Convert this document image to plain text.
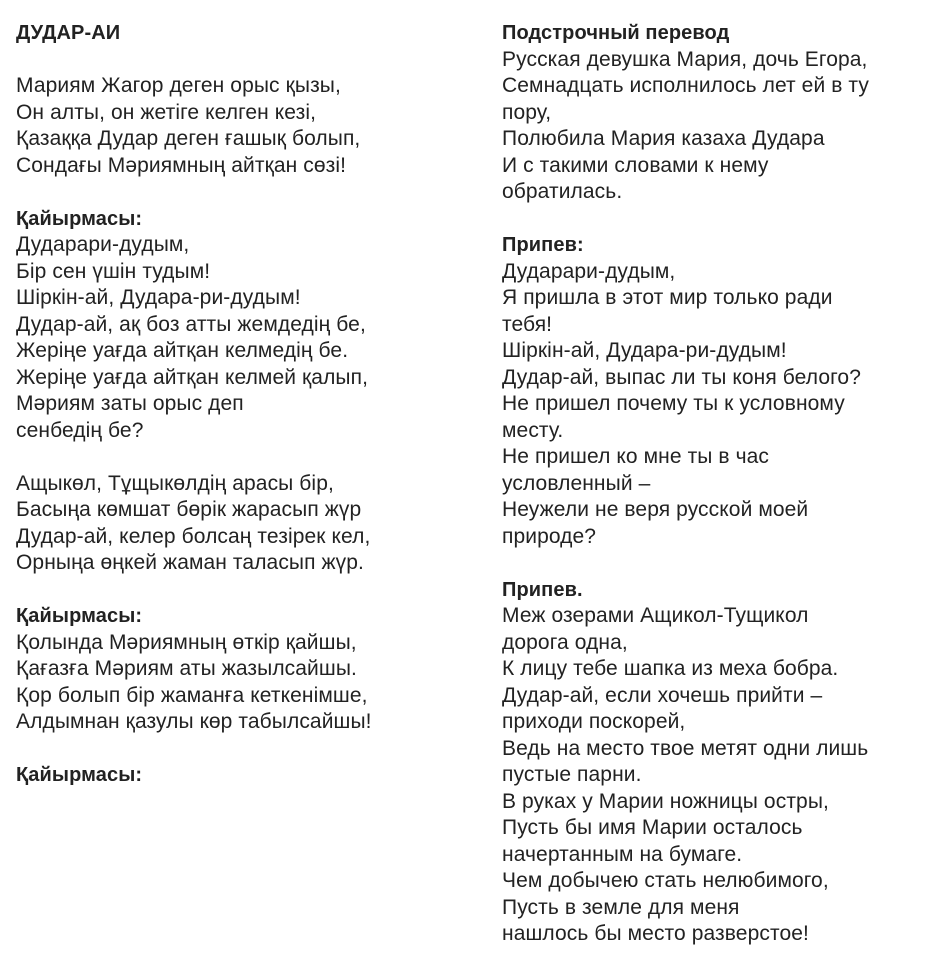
ДУДАР-АИ
Мариям Жагор деген орыс қызы,
Он алты, он жетіге келген кезі,
Қазаққа Дудар деген ғашық болып,
Сондағы Мәриямның айтқан сөзі!
Қайырмасы:
Дударари-дудым,
Бір сен үшін тудым!
Шіркін-ай, Дудара-ри-дудым!
Дудар-ай, ақ боз атты жемдедің бе,
Жеріңе уағда айтқан келмедің бе.
Жеріңе уағда айтқан келмей қалып,
Мәриям заты орыс деп
сенбедің бе?
Ащыкөл, Тұщыкөлдің арасы бір,
Басыңа көмшат бөрік жарасып жүр
Дудар-ай, келер болсаң тезірек кел,
Орныңа өңкей жаман таласып жүр.
Қайырмасы:
Қолында Мәриямның өткір қайшы,
Қағазға Мәриям аты жазылсайшы.
Қор болып бір жаманға кеткенімше,
Алдымнан қазулы көр табылсайшы!
Қайырмасы:
Подстрочный перевод
Русская девушка Мария, дочь Егора,
Семнадцать исполнилось лет ей в ту
пору,
Полюбила Мария казаха Дудара
И с такими словами к нему
обратилась.
Припев:
Дударари-дудым,
Я пришла в этот мир только ради
тебя!
Шіркін-ай, Дудара-ри-дудым!
Дудар-ай, выпас ли ты коня белого?
Не пришел почему ты к условному
месту.
Не пришел ко мне ты в час
условленный –
Неужели не веря русской моей
природе?
Припев.
Меж озерами Ащикол-Тущикол
дорога одна,
К лицу тебе шапка из меха бобра.
Дудар-ай, если хочешь прийти –
приходи поскорей,
Ведь на место твое метят одни лишь
пустые парни.
В руках у Марии ножницы остры,
Пусть бы имя Марии осталось
начертанным на бумаге.
Чем добычею стать нелюбимого,
Пусть в земле для меня
нашлось бы место разверстое!
